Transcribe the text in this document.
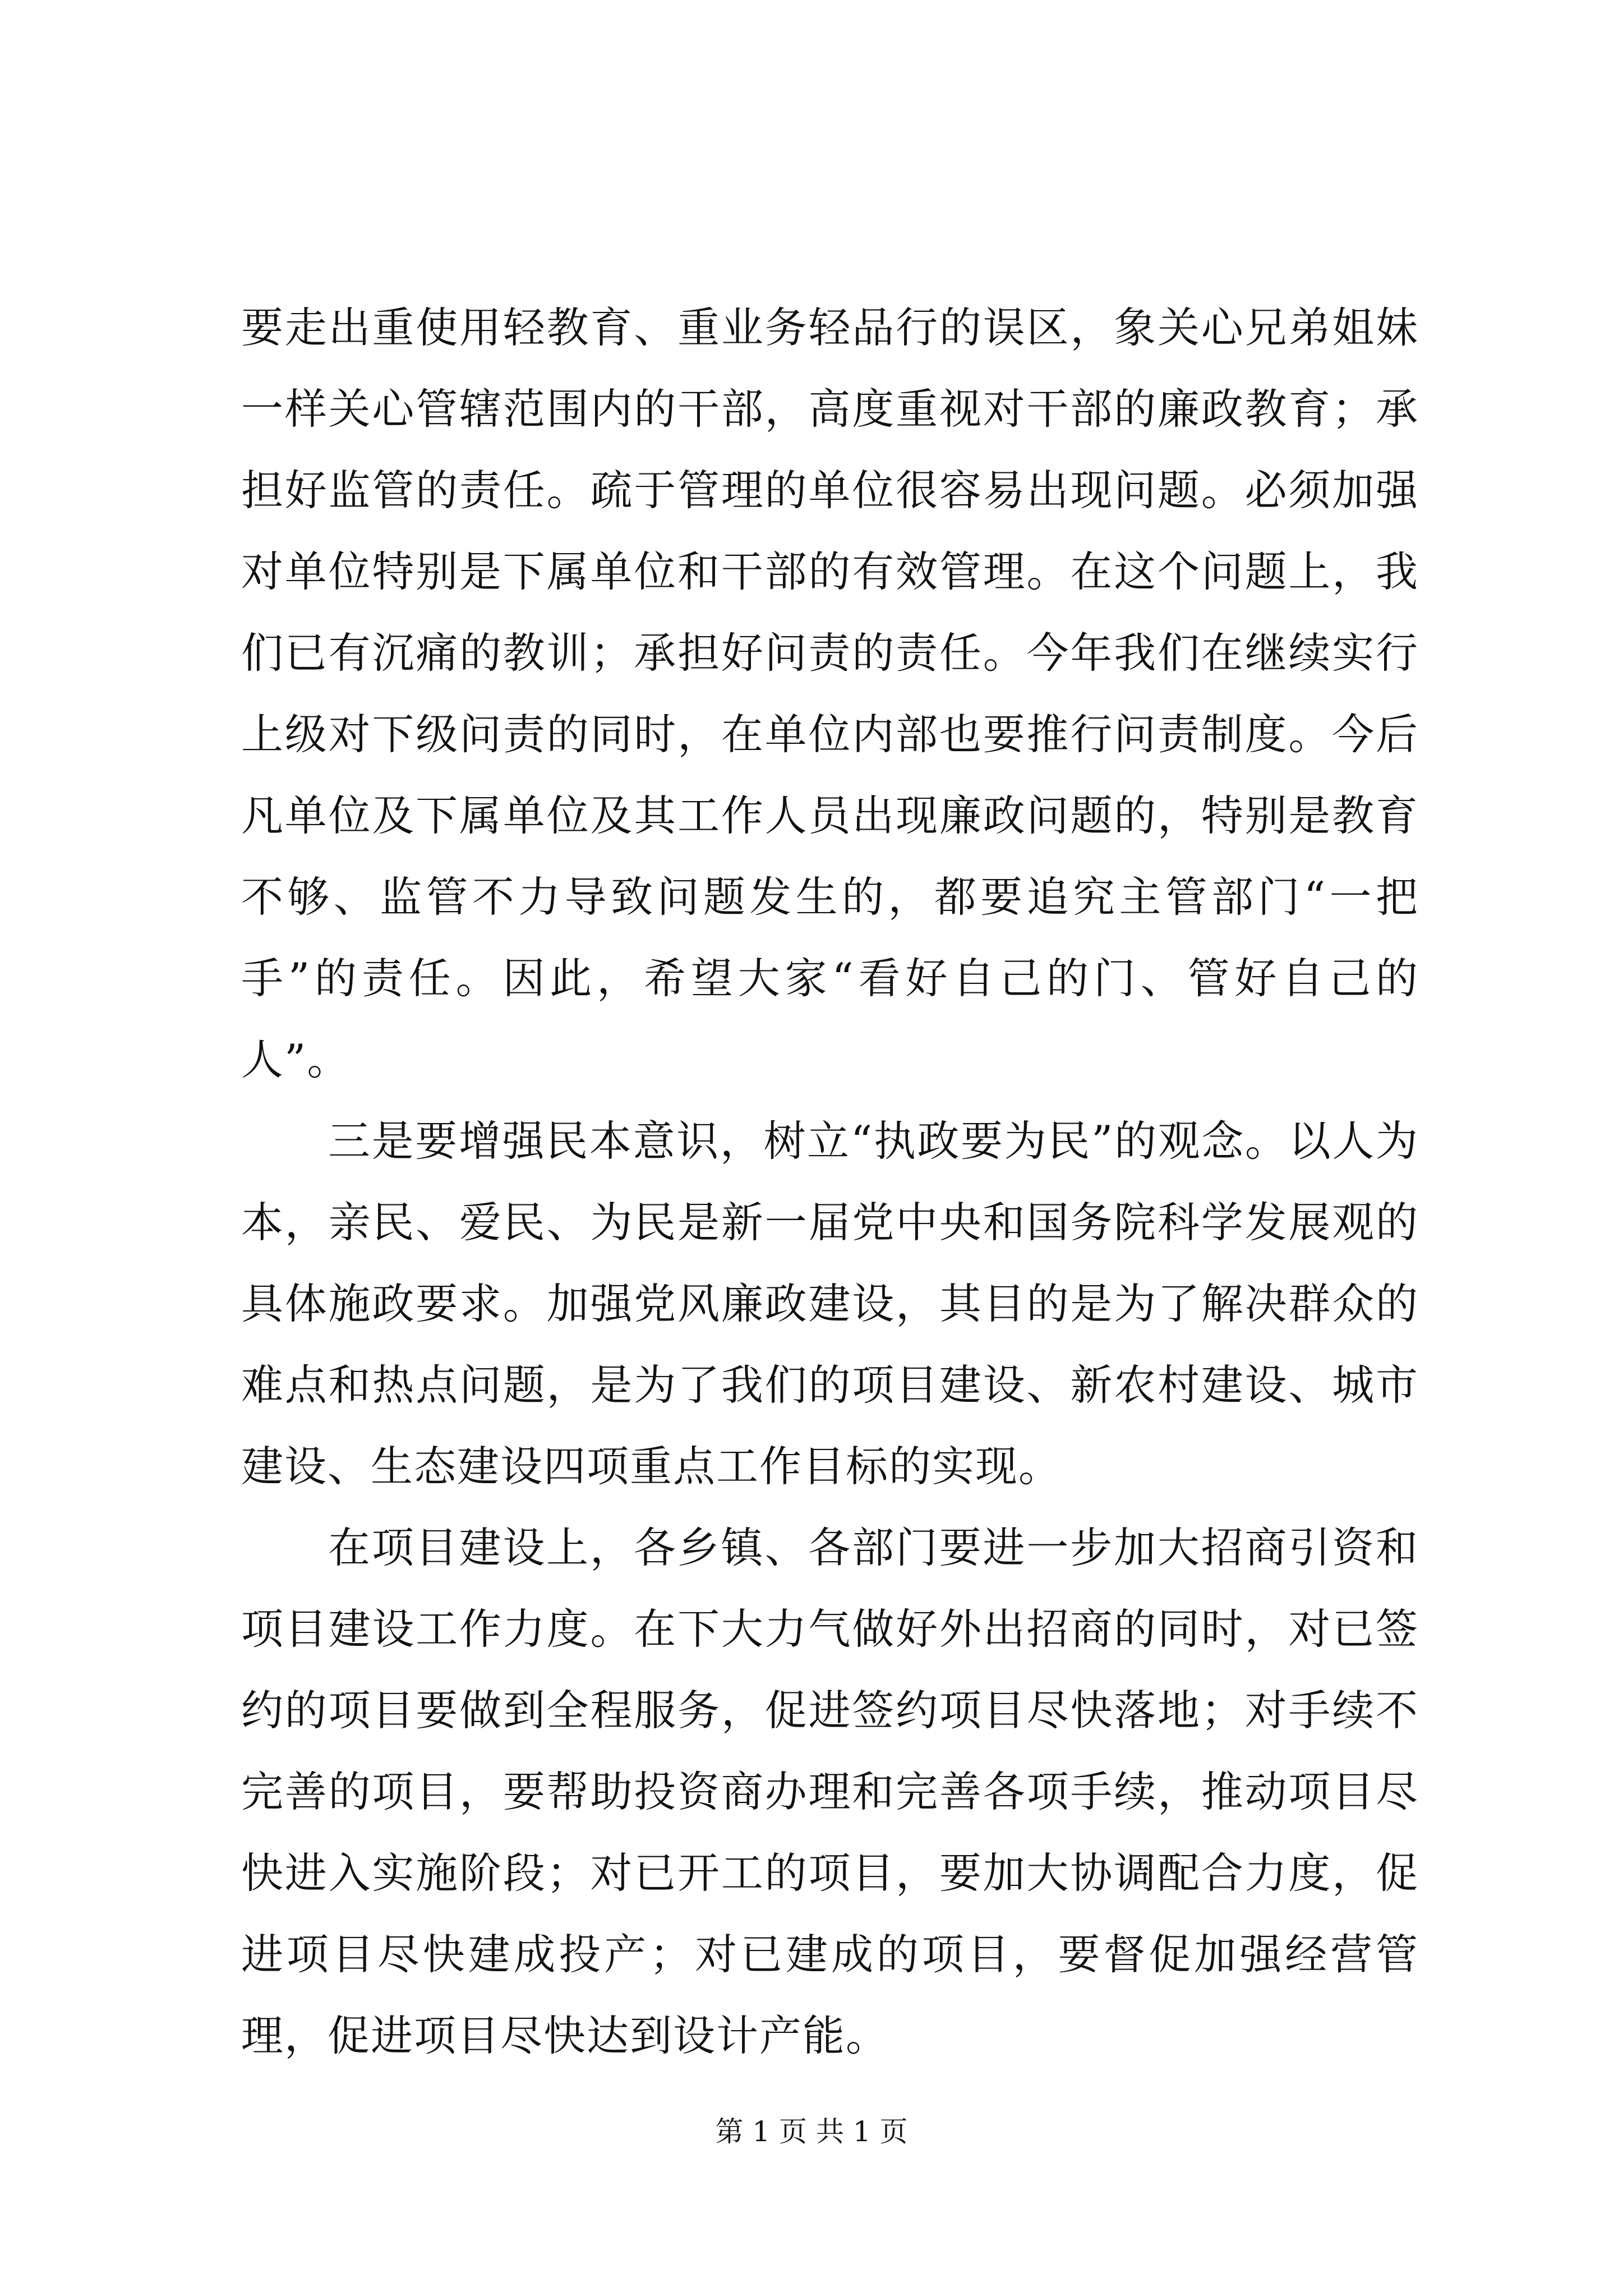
要走出重使用轻教育、重业务轻品行的误区，象关心兄弟姐妹一样关心管辖范围内的干部，高度重视对干部的廉政教育；承担好监管的责任。疏于管理的单位很容易出现问题。必须加强对单位特别是下属单位和干部的有效管理。在这个问题上，我们已有沉痛的教训；承担好问责的责任。今年我们在继续实行上级对下级问责的同时，在单位内部也要推行问责制度。今后凡单位及下属单位及其工作人员出现廉政问题的，特别是教育不够、监管不力导致问题发生的，都要追究主管部门“一把手”的责任。因此，希望大家“看好自己的门、管好自己的人”。

三是要增强民本意识，树立“执政要为民”的观念。以人为本，亲民、爱民、为民是新一届党中央和国务院科学发展观的具体施政要求。加强党风廉政建设，其目的是为了解决群众的难点和热点问题，是为了我们的项目建设、新农村建设、城市建设、生态建设四项重点工作目标的实现。

在项目建设上，各乡镇、各部门要进一步加大招商引资和项目建设工作力度。在下大力气做好外出招商的同时，对已签约的项目要做到全程服务，促进签约项目尽快落地；对手续不完善的项目，要帮助投资商办理和完善各项手续，推动项目尽快进入实施阶段；对已开工的项目，要加大协调配合力度，促进项目尽快建成投产；对已建成的项目，要督促加强经营管理，促进项目尽快达到设计产能。

第 1 页 共 1 页
